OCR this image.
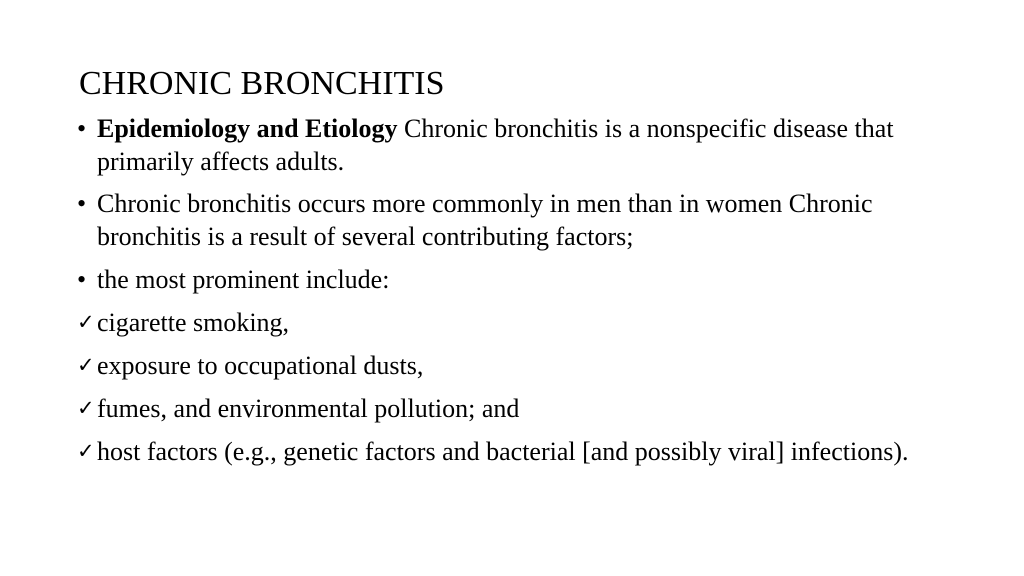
CHRONIC BRONCHITIS
• Epidemiology and Etiology Chronic bronchitis is a nonspecific disease that primarily affects adults.
• Chronic bronchitis occurs more commonly in men than in women Chronic bronchitis is a result of several contributing factors;
• the most prominent include:
✓ cigarette smoking,
✓ exposure to occupational dusts,
✓ fumes, and environmental pollution; and
✓ host factors (e.g., genetic factors and bacterial [and possibly viral] infections).
